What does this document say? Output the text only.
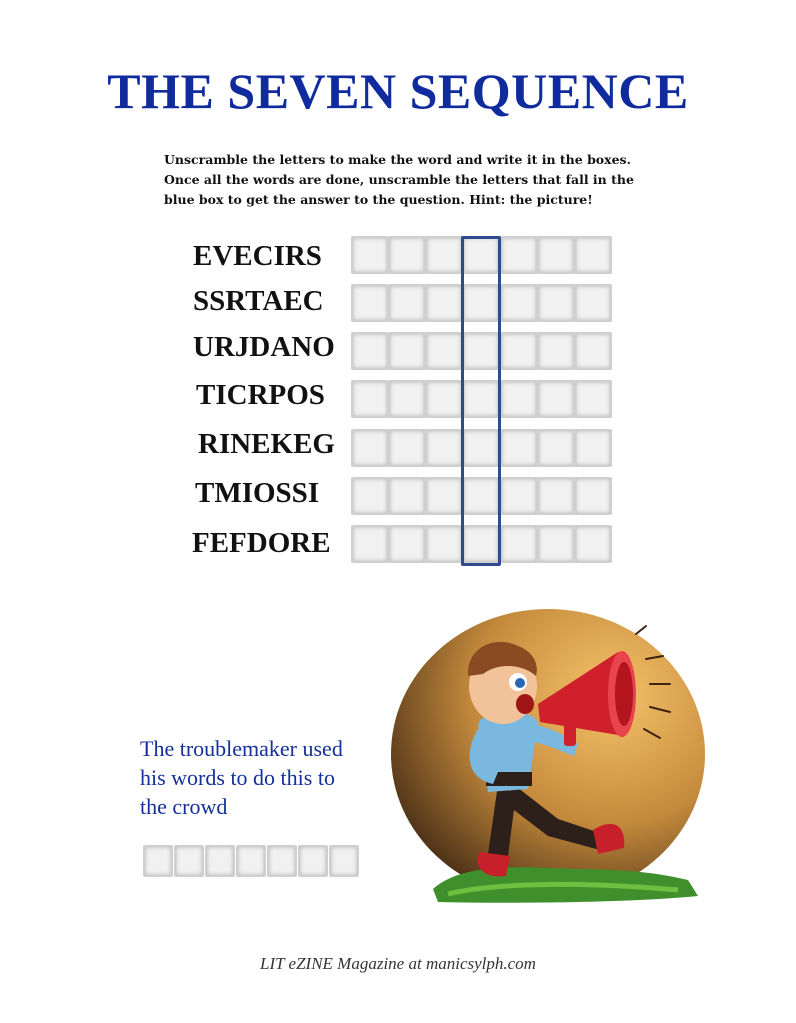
THE SEVEN SEQUENCE
Unscramble the letters to make the word and write it in the boxes.
Once all the words are done, unscramble the letters that fall in the
blue box to get the answer to the question. Hint: the picture!
EVECIRS
SSRTAEC
URJDANO
TICRPOS
RINEKEG
TMIOSSI
FEFDORE
The troublemaker used
his words to do this to
the crowd
LIT eZINE Magazine at manicsylph.com
